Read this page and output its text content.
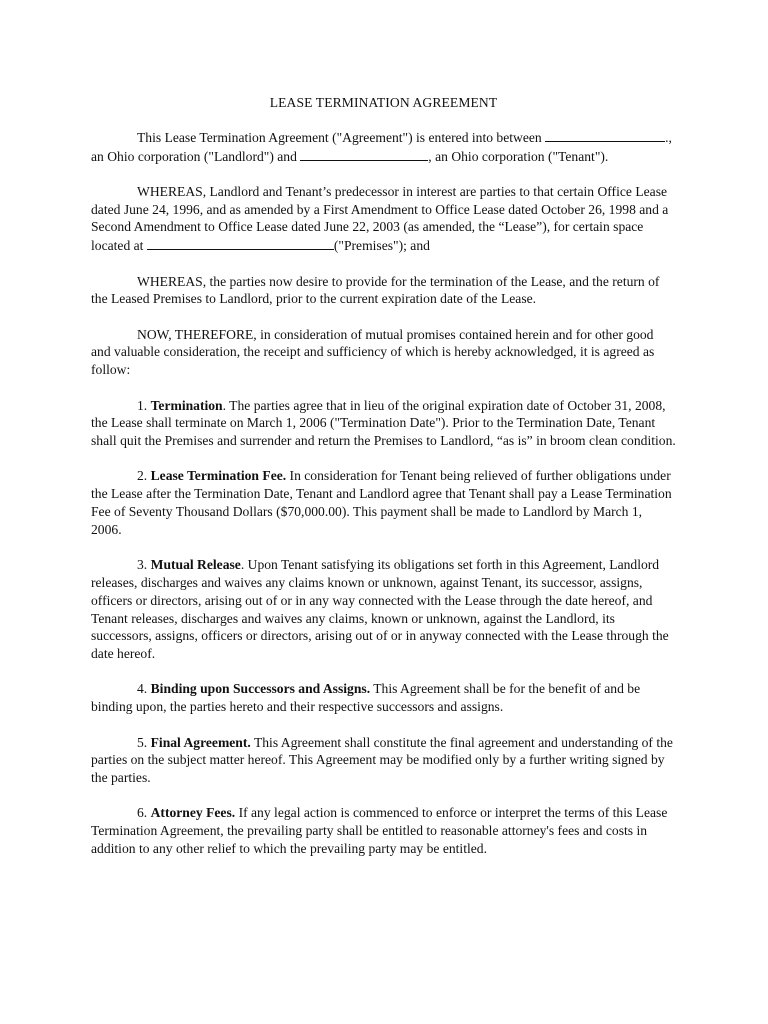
LEASE TERMINATION AGREEMENT

This Lease Termination Agreement ("Agreement") is entered into between	., an Ohio corporation ("Landlord") and	, an Ohio corporation ("Tenant").

WHEREAS, Landlord and Tenant’s predecessor in interest are parties to that certain Office Lease dated June 24, 1996, and as amended by a First Amendment to Office Lease dated October 26, 1998 and a Second Amendment to Office Lease dated June 22, 2003 (as amended, the “Lease”), for certain space located at	("Premises"); and

WHEREAS, the parties now desire to provide for the termination of the Lease, and the return of the Leased Premises to Landlord, prior to the current expiration date of the Lease.

NOW, THEREFORE, in consideration of mutual promises contained herein and for other good and valuable consideration, the receipt and sufficiency of which is hereby acknowledged, it is agreed as follow:

1. Termination. The parties agree that in lieu of the original expiration date of October 31, 2008, the Lease shall terminate on March 1, 2006 ("Termination Date"). Prior to the Termination Date, Tenant shall quit the Premises and surrender and return the Premises to Landlord, “as is” in broom clean condition.

2. Lease Termination Fee. In consideration for Tenant being relieved of further obligations under the Lease after the Termination Date, Tenant and Landlord agree that Tenant shall pay a Lease Termination Fee of Seventy Thousand Dollars ($70,000.00). This payment shall be made to Landlord by March 1, 2006.

3. Mutual Release. Upon Tenant satisfying its obligations set forth in this Agreement, Landlord releases, discharges and waives any claims known or unknown, against Tenant, its successor, assigns, officers or directors, arising out of or in any way connected with the Lease through the date hereof, and Tenant releases, discharges and waives any claims, known or unknown, against the Landlord, its successors, assigns, officers or directors, arising out of or in anyway connected with the Lease through the date hereof.

4. Binding upon Successors and Assigns. This Agreement shall be for the benefit of and be binding upon, the parties hereto and their respective successors and assigns.

5. Final Agreement. This Agreement shall constitute the final agreement and understanding of the parties on the subject matter hereof. This Agreement may be modified only by a further writing signed by the parties.

6. Attorney Fees. If any legal action is commenced to enforce or interpret the terms of this Lease Termination Agreement, the prevailing party shall be entitled to reasonable attorney's fees and costs in addition to any other relief to which the prevailing party may be entitled.
